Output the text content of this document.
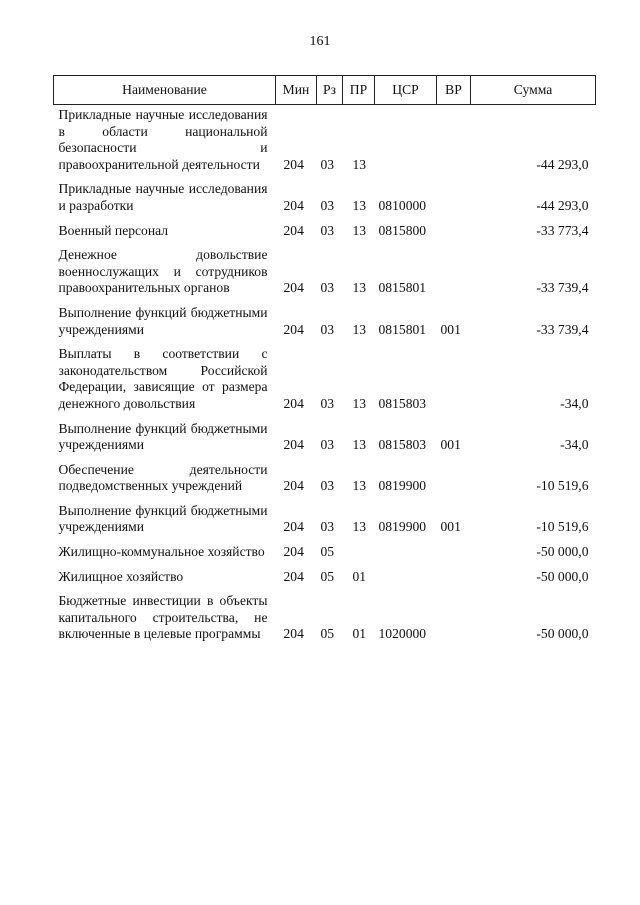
161
Наименование	Мин	Рз	ПР	ЦСР	ВР	Сумма
Прикладные научные исследования в области национальной безопасности и правоохранительной деятельности	204	03	13			-44 293,0
Прикладные научные исследования и разработки	204	03	13	0810000		-44 293,0
Военный персонал	204	03	13	0815800		-33 773,4
Денежное довольствие военнослужащих и сотрудников правоохранительных органов	204	03	13	0815801		-33 739,4
Выполнение функций бюджетными учреждениями	204	03	13	0815801	001	-33 739,4
Выплаты в соответствии с законодательством Российской Федерации, зависящие от размера денежного довольствия	204	03	13	0815803		-34,0
Выполнение функций бюджетными учреждениями	204	03	13	0815803	001	-34,0
Обеспечение деятельности подведомственных учреждений	204	03	13	0819900		-10 519,6
Выполнение функций бюджетными учреждениями	204	03	13	0819900	001	-10 519,6
Жилищно-коммунальное хозяйство	204	05				-50 000,0
Жилищное хозяйство	204	05	01			-50 000,0
Бюджетные инвестиции в объекты капитального строительства, не включенные в целевые программы	204	05	01	1020000		-50 000,0
